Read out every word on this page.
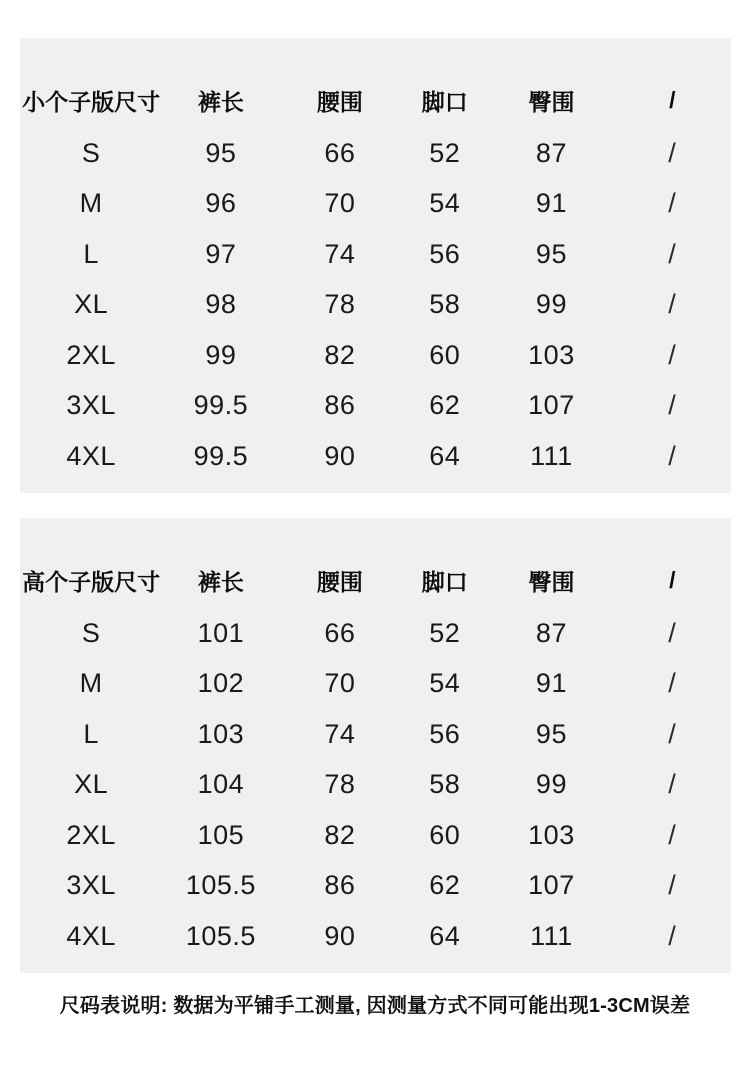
小个子版尺寸	裤长	腰围	脚口	臀围	/
S	95	66	52	87	/
M	96	70	54	91	/
L	97	74	56	95	/
XL	98	78	58	99	/
2XL	99	82	60	103	/
3XL	99.5	86	62	107	/
4XL	99.5	90	64	111	/
高个子版尺寸	裤长	腰围	脚口	臀围	/
S	101	66	52	87	/
M	102	70	54	91	/
L	103	74	56	95	/
XL	104	78	58	99	/
2XL	105	82	60	103	/
3XL	105.5	86	62	107	/
4XL	105.5	90	64	111	/
尺码表说明: 数据为平铺手工测量, 因测量方式不同可能出现1-3CM误差
